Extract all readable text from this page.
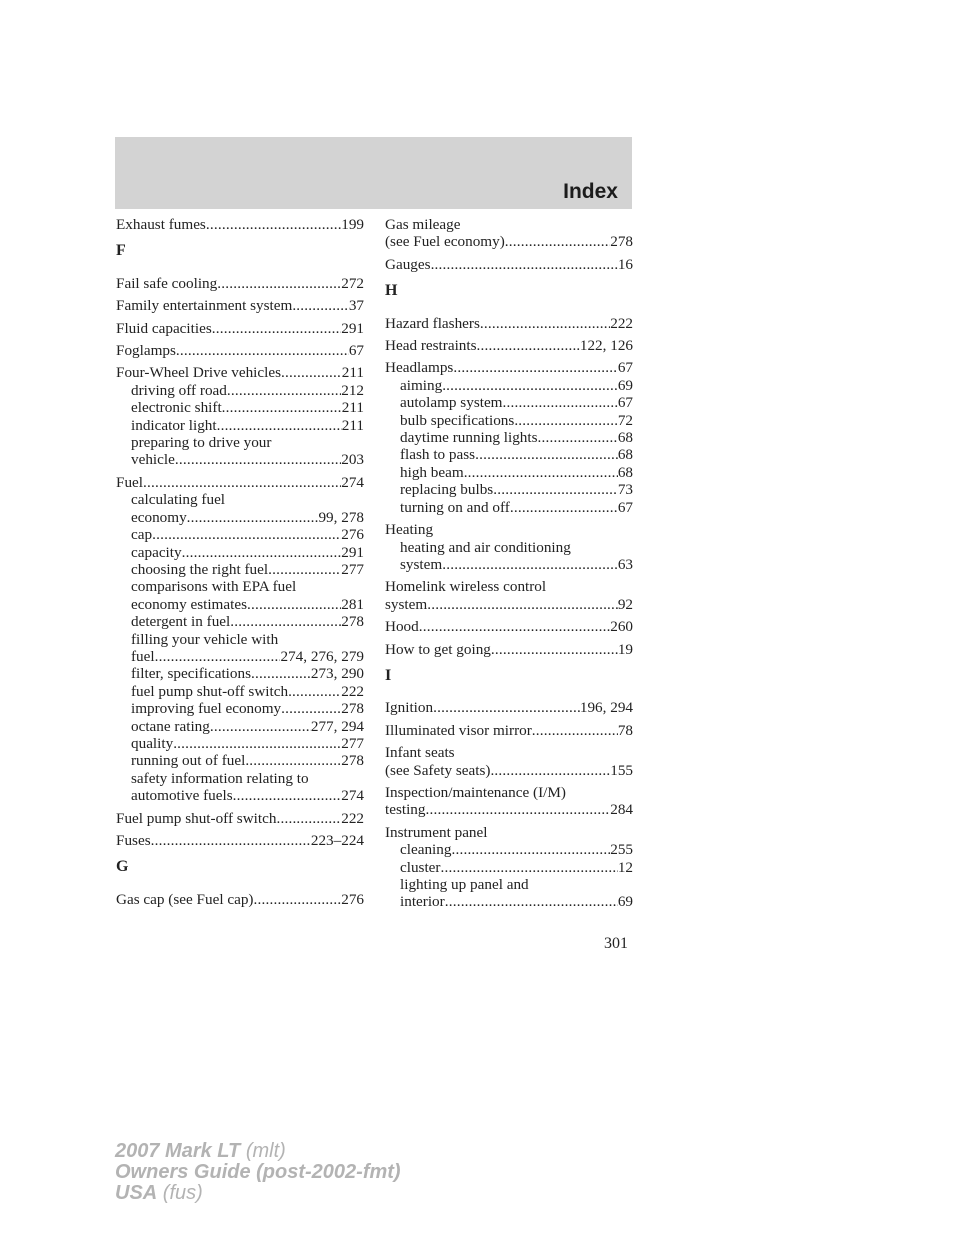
Index
Exhaust fumes .....	199
F
Fail safe cooling .....	272
Family entertainment system .....	37
Fluid capacities .....	291
Foglamps .....	67
Four-Wheel Drive vehicles .....	211
driving off road .....	212
electronic shift .....	211
indicator light .....	211
preparing to drive your
vehicle .....	203
Fuel .....	274
calculating fuel
economy .....	99, 278
cap .....	276
capacity .....	291
choosing the right fuel .....	277
comparisons with EPA fuel
economy estimates .....	281
detergent in fuel .....	278
filling your vehicle with
fuel .....	274, 276, 279
filter, specifications .....	273, 290
fuel pump shut-off switch .....	222
improving fuel economy .....	278
octane rating .....	277, 294
quality .....	277
running out of fuel .....	278
safety information relating to
automotive fuels .....	274
Fuel pump shut-off switch .....	222
Fuses .....	223–224
G
Gas cap (see Fuel cap) .....	276
Gas mileage
(see Fuel economy) .....	278
Gauges .....	16
H
Hazard flashers .....	222
Head restraints .....	122, 126
Headlamps .....	67
aiming .....	69
autolamp system .....	67
bulb specifications .....	72
daytime running lights .....	68
flash to pass .....	68
high beam .....	68
replacing bulbs .....	73
turning on and off .....	67
Heating
heating and air conditioning
system .....	63
Homelink wireless control
system .....	92
Hood .....	260
How to get going .....	19
I
Ignition .....	196, 294
Illuminated visor mirror .....	78
Infant seats
(see Safety seats) .....	155
Inspection/maintenance (I/M)
testing .....	284
Instrument panel
cleaning .....	255
cluster .....	12
lighting up panel and
interior .....	69
301
2007 Mark LT (mlt)
Owners Guide (post-2002-fmt)
USA (fus)
